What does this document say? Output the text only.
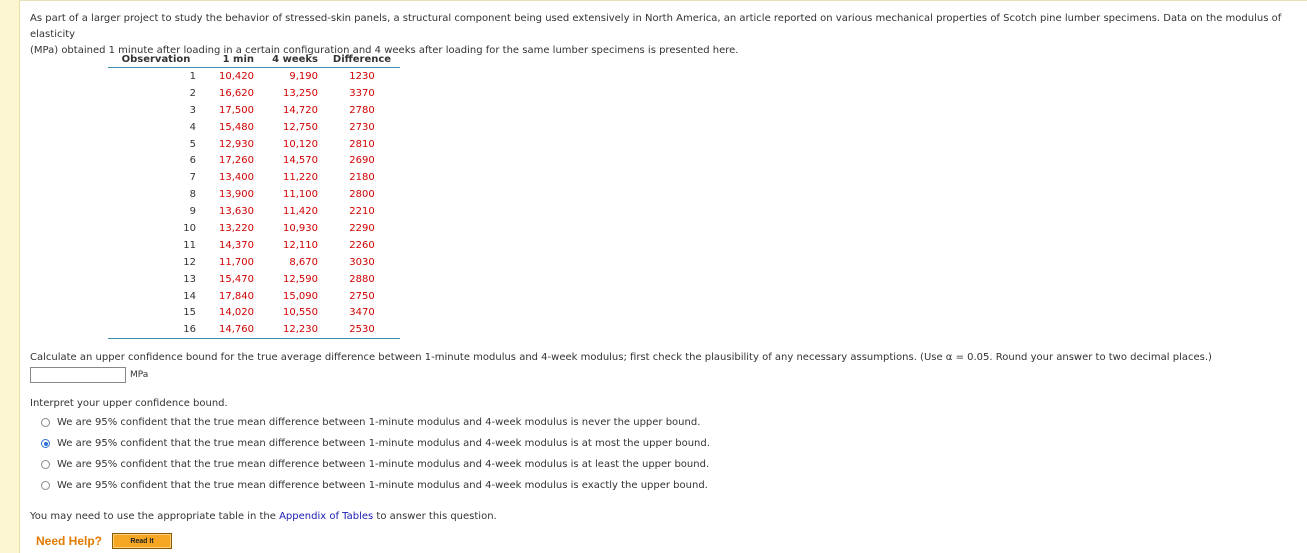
As part of a larger project to study the behavior of stressed-skin panels, a structural component being used extensively in North America, an article reported on various mechanical properties of Scotch pine lumber specimens. Data on the modulus of elasticity
(MPa) obtained 1 minute after loading in a certain configuration and 4 weeks after loading for the same lumber specimens is presented here.

Observation	1 min	4 weeks	Difference
1	10,420	9,190	1230
2	16,620	13,250	3370
3	17,500	14,720	2780
4	15,480	12,750	2730
5	12,930	10,120	2810
6	17,260	14,570	2690
7	13,400	11,220	2180
8	13,900	11,100	2800
9	13,630	11,420	2210
10	13,220	10,930	2290
11	14,370	12,110	2260
12	11,700	8,670	3030
13	15,470	12,590	2880
14	17,840	15,090	2750
15	14,020	10,550	3470
16	14,760	12,230	2530
Calculate an upper confidence bound for the true average difference between 1-minute modulus and 4-week modulus; first check the plausibility of any necessary assumptions. (Use α = 0.05. Round your answer to two decimal places.)
MPa
Interpret your upper confidence bound.
We are 95% confident that the true mean difference between 1-minute modulus and 4-week modulus is never the upper bound.
We are 95% confident that the true mean difference between 1-minute modulus and 4-week modulus is at most the upper bound.
We are 95% confident that the true mean difference between 1-minute modulus and 4-week modulus is at least the upper bound.
We are 95% confident that the true mean difference between 1-minute modulus and 4-week modulus is exactly the upper bound.
You may need to use the appropriate table in the Appendix of Tables to answer this question.
Need Help?	Read It
